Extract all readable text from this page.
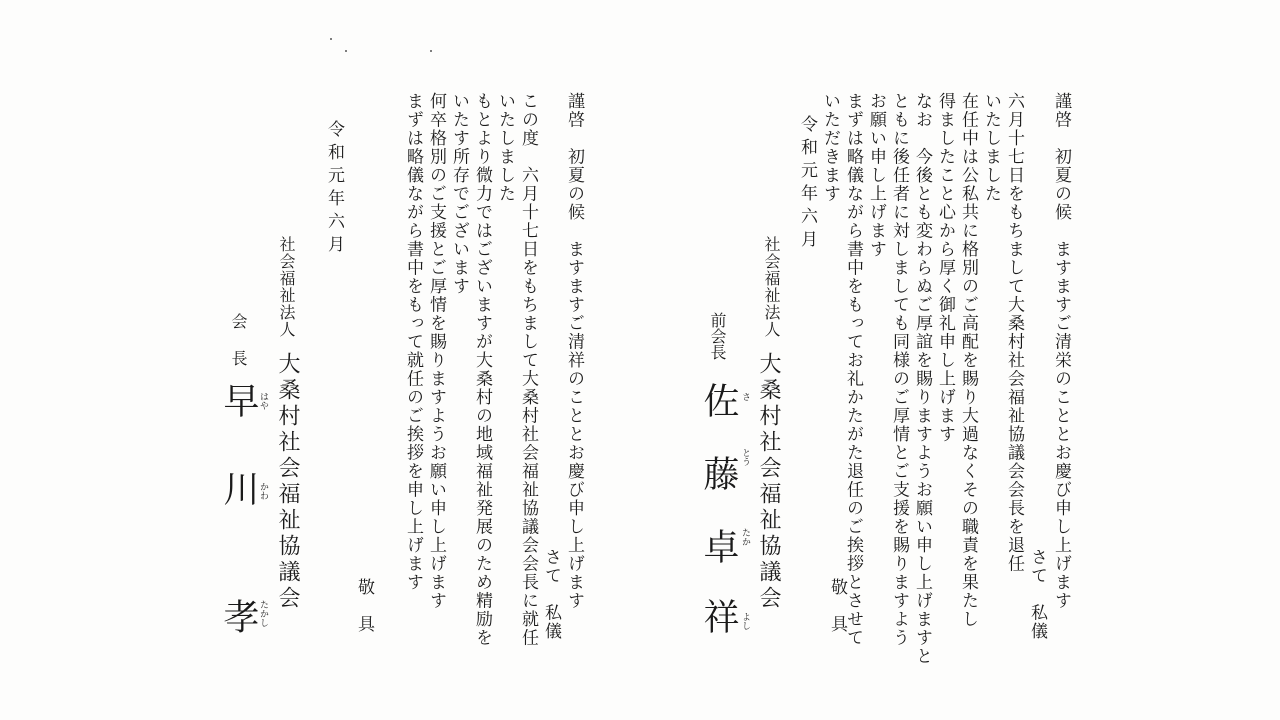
謹啓　初夏の候　ますますご清栄のこととお慶び申し上げます
さて　私儀
六月十七日をもちまして大桑村社会福祉協議会会長を退任
いたしました
在任中は公私共に格別のご高配を賜り大過なくその職責を果たし
得ましたこと心から厚く御礼申し上げます
なお　今後とも変わらぬご厚誼を賜りますようお願い申し上げますと
ともに後任者に対しましても同様のご厚情とご支援を賜りますよう
お願い申し上げます
まずは略儀ながら書中をもってお礼かたがた退任のご挨拶とさせて
いただきます
敬　具
令和元年六月
社会福祉法人
大桑村社会福祉協議会
前会長
佐 さ
藤 とう
卓 たか
祥 よし
謹啓　初夏の候　ますますご清祥のこととお慶び申し上げます
さて　私儀
この度　六月十七日をもちまして大桑村社会福祉協議会会長に就任
いたしました
もとより微力ではございますが大桑村の地域福祉発展のため精励を
いたす所存でございます
何卒格別のご支援とご厚情を賜りますようお願い申し上げます
まずは略儀ながら書中をもって就任のご挨拶を申し上げます
敬　具
令和元年六月
社会福祉法人
大桑村社会福祉協議会
会
長
早 はや
川 かわ
孝 たかし
